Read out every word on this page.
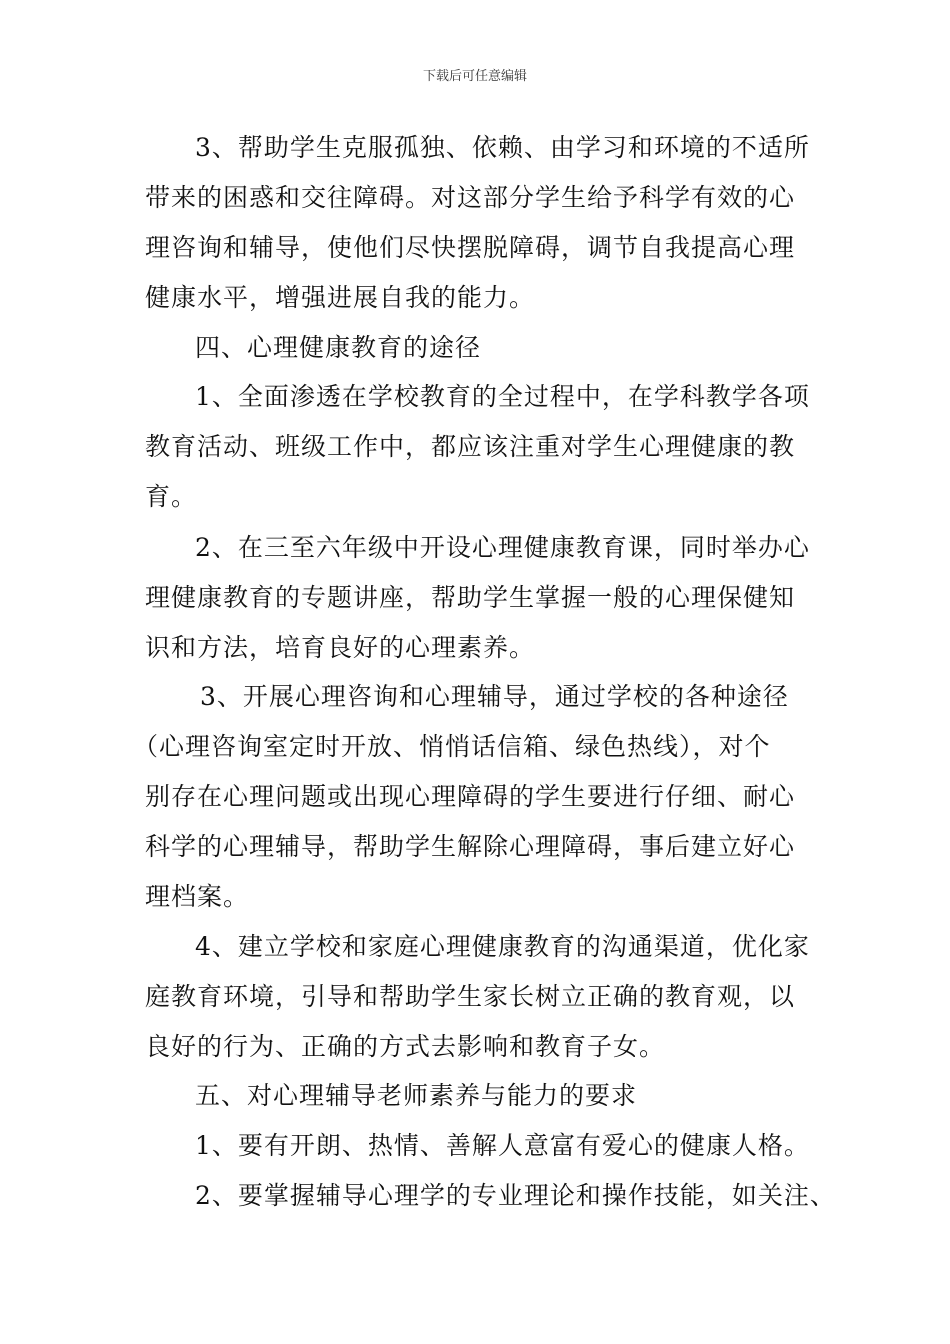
下载后可任意编辑
3、帮助学生克服孤独、依赖、由学习和环境的不适所
带来的困惑和交往障碍。对这部分学生给予科学有效的心
理咨询和辅导，使他们尽快摆脱障碍，调节自我提高心理
健康水平，增强进展自我的能力。
四、心理健康教育的途径
1、全面渗透在学校教育的全过程中，在学科教学各项
教育活动、班级工作中，都应该注重对学生心理健康的教
育。
2、在三至六年级中开设心理健康教育课，同时举办心
理健康教育的专题讲座，帮助学生掌握一般的心理保健知
识和方法，培育良好的心理素养。
3、开展心理咨询和心理辅导，通过学校的各种途径
（心理咨询室定时开放、悄悄话信箱、绿色热线），对个
别存在心理问题或出现心理障碍的学生要进行仔细、耐心
科学的心理辅导，帮助学生解除心理障碍，事后建立好心
理档案。
4、建立学校和家庭心理健康教育的沟通渠道，优化家
庭教育环境，引导和帮助学生家长树立正确的教育观，以
良好的行为、正确的方式去影响和教育子女。
五、对心理辅导老师素养与能力的要求
1、要有开朗、热情、善解人意富有爱心的健康人格。
2、要掌握辅导心理学的专业理论和操作技能，如关注、
